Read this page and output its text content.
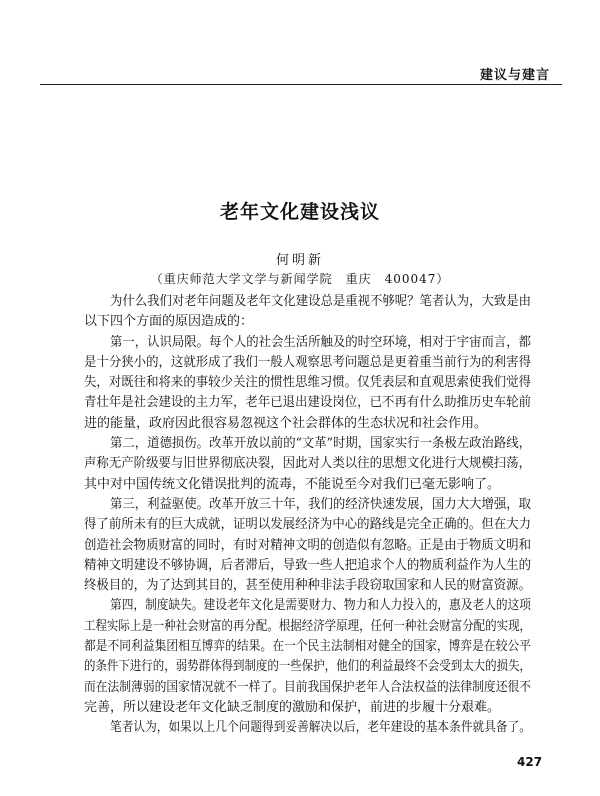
建议与建言
老年文化建设浅议
何明新
（重庆师范大学文学与新闻学院　重庆　400047）
为什么我们对老年问题及老年文化建设总是重视不够呢？笔者认为，大致是由
以下四个方面的原因造成的：
第一，认识局限。每个人的社会生活所触及的时空环境，相对于宇宙而言，都
是十分狭小的，这就形成了我们一般人观察思考问题总是更着重当前行为的利害得
失，对既往和将来的事较少关注的惯性思维习惯。仅凭表层和直观思索使我们觉得
青壮年是社会建设的主力军，老年已退出建设岗位，已不再有什么助推历史车轮前
进的能量，政府因此很容易忽视这个社会群体的生态状况和社会作用。
第二，道德损伤。改革开放以前的“文革”时期，国家实行一条极左政治路线，
声称无产阶级要与旧世界彻底决裂，因此对人类以往的思想文化进行大规模扫荡，
其中对中国传统文化错误批判的流毒，不能说至今对我们已毫无影响了。
第三，利益驱使。改革开放三十年，我们的经济快速发展，国力大大增强，取
得了前所未有的巨大成就，证明以发展经济为中心的路线是完全正确的。但在大力
创造社会物质财富的同时，有时对精神文明的创造似有忽略。正是由于物质文明和
精神文明建设不够协调，后者滞后，导致一些人把追求个人的物质利益作为人生的
终极目的，为了达到其目的，甚至使用种种非法手段窃取国家和人民的财富资源。
第四，制度缺失。建设老年文化是需要财力、物力和人力投入的，惠及老人的这项
工程实际上是一种社会财富的再分配。根据经济学原理，任何一种社会财富分配的实现，
都是不同利益集团相互博弈的结果。在一个民主法制相对健全的国家，博弈是在较公平
的条件下进行的，弱势群体得到制度的一些保护，他们的利益最终不会受到太大的损失，
而在法制薄弱的国家情况就不一样了。目前我国保护老年人合法权益的法律制度还很不
完善，所以建设老年文化缺乏制度的激励和保护，前进的步履十分艰难。
笔者认为，如果以上几个问题得到妥善解决以后，老年建设的基本条件就具备了。
427
